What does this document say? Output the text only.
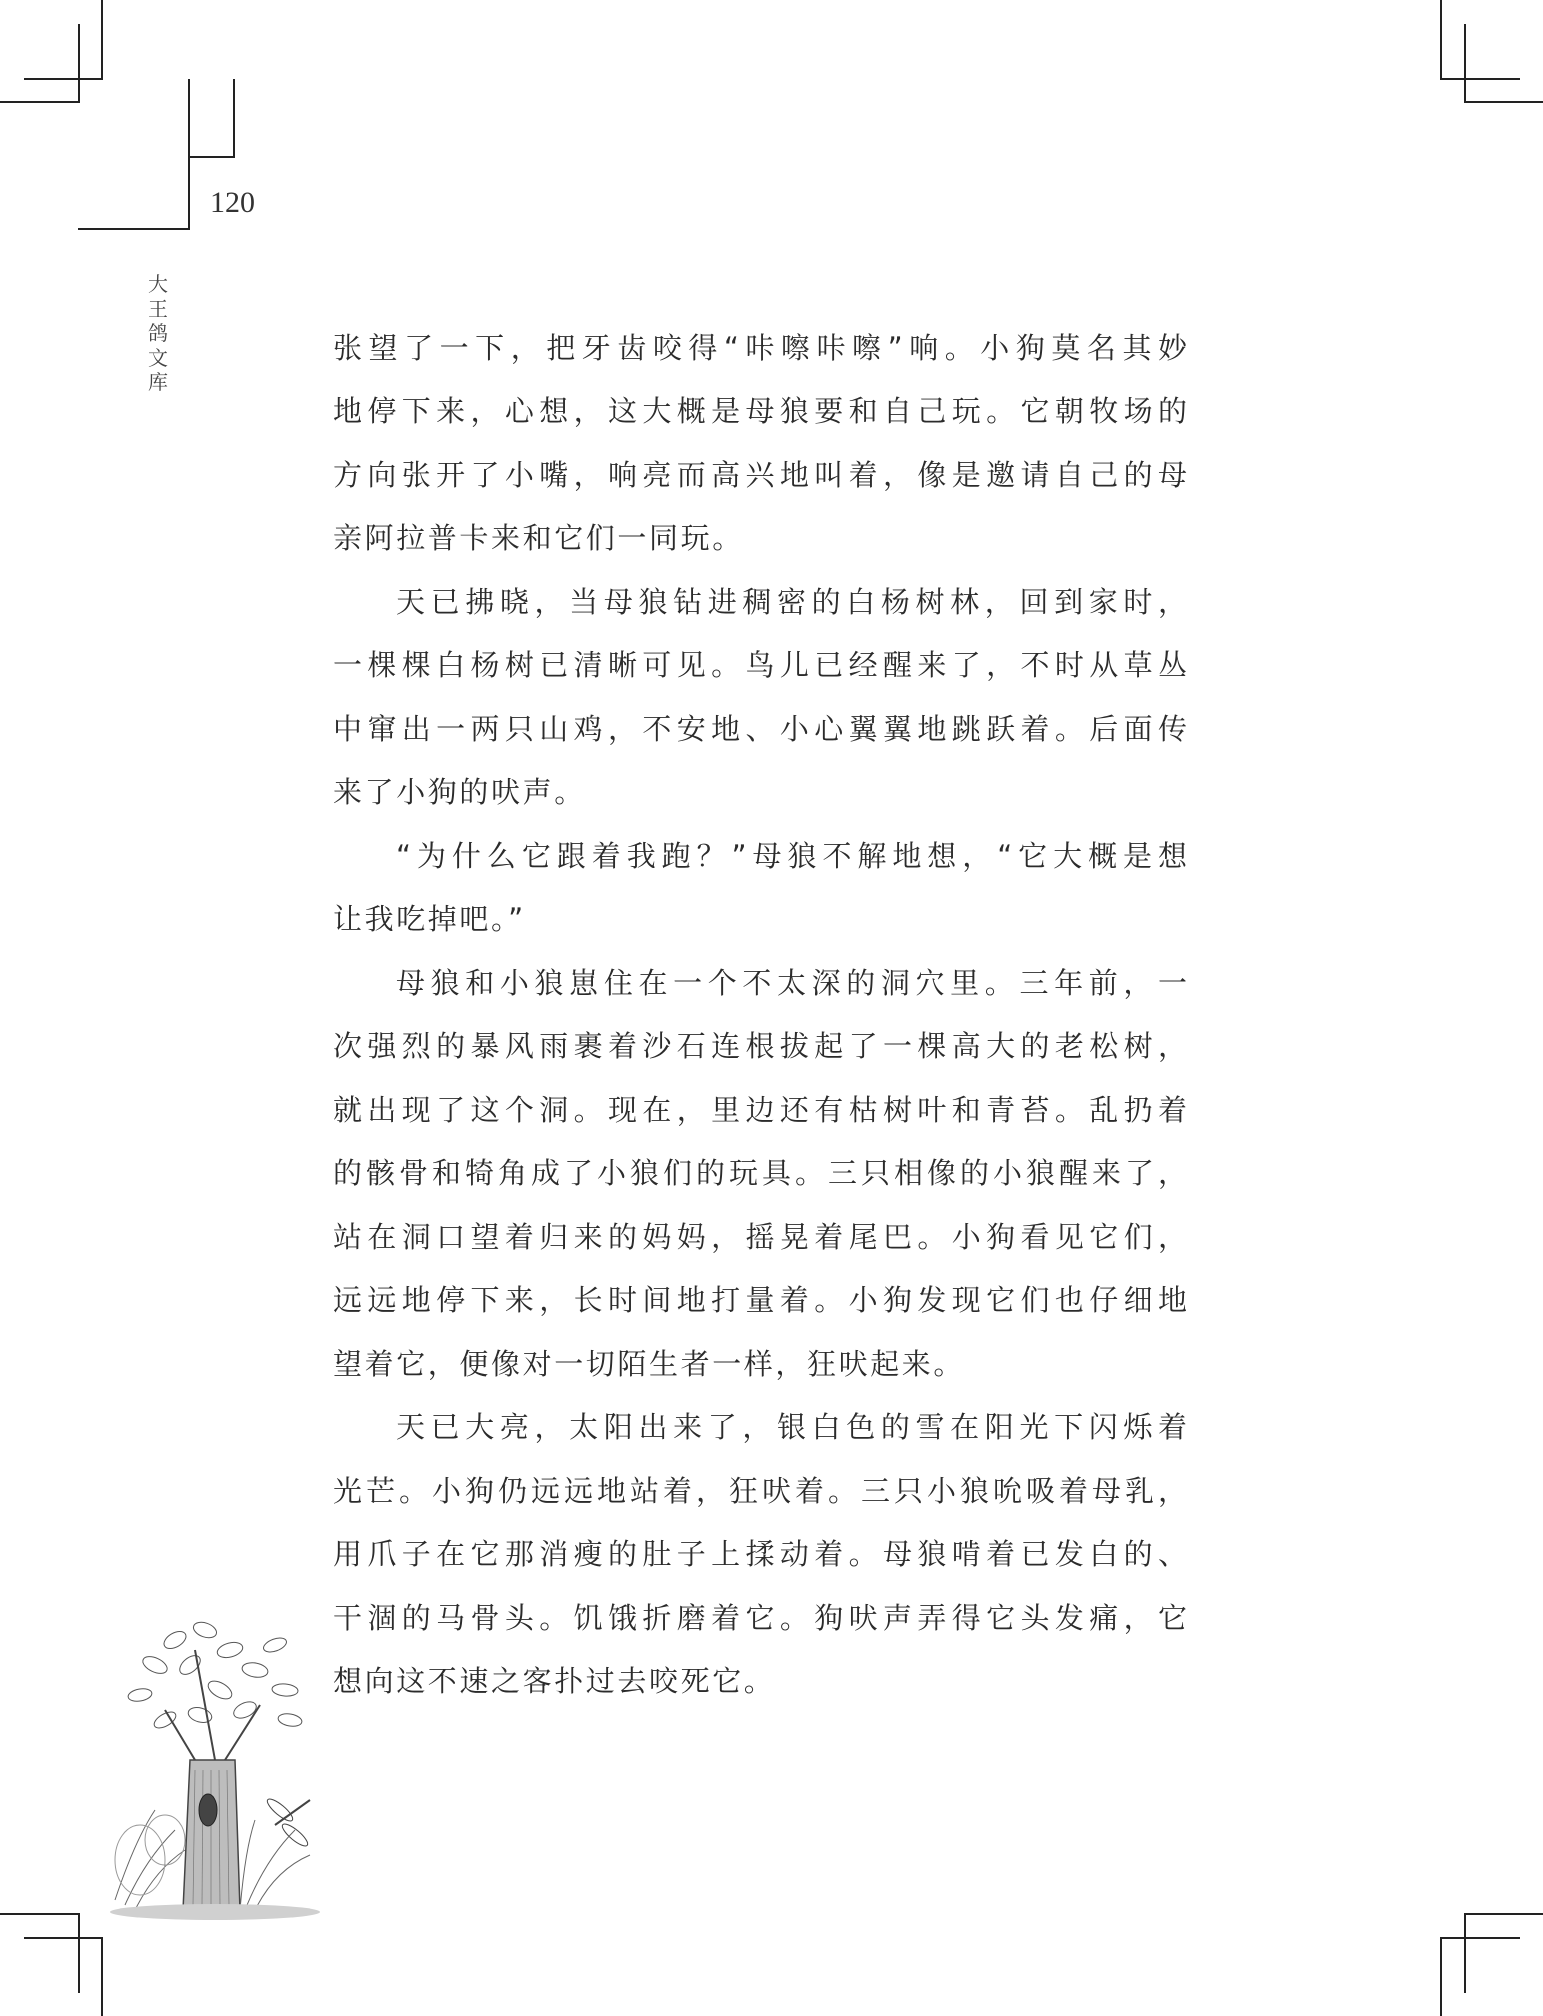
120
大
王
鸽
文
库
张望了一下，把牙齿咬得“咔嚓咔嚓”响。小狗莫名其妙
地停下来，心想，这大概是母狼要和自己玩。它朝牧场的
方向张开了小嘴，响亮而高兴地叫着，像是邀请自己的母
亲阿拉普卡来和它们一同玩。
天已拂晓，当母狼钻进稠密的白杨树林，回到家时，
一棵棵白杨树已清晰可见。鸟儿已经醒来了，不时从草丛
中窜出一两只山鸡，不安地、小心翼翼地跳跃着。后面传
来了小狗的吠声。
“为什么它跟着我跑？”母狼不解地想，“它大概是想
让我吃掉吧。”
母狼和小狼崽住在一个不太深的洞穴里。三年前，一
次强烈的暴风雨裹着沙石连根拔起了一棵高大的老松树，
就出现了这个洞。现在，里边还有枯树叶和青苔。乱扔着
的骸骨和犄角成了小狼们的玩具。三只相像的小狼醒来了，
站在洞口望着归来的妈妈，摇晃着尾巴。小狗看见它们，
远远地停下来，长时间地打量着。小狗发现它们也仔细地
望着它，便像对一切陌生者一样，狂吠起来。
天已大亮，太阳出来了，银白色的雪在阳光下闪烁着
光芒。小狗仍远远地站着，狂吠着。三只小狼吮吸着母乳，
用爪子在它那消瘦的肚子上揉动着。母狼啃着已发白的、
干涸的马骨头。饥饿折磨着它。狗吠声弄得它头发痛，它
想向这不速之客扑过去咬死它。
